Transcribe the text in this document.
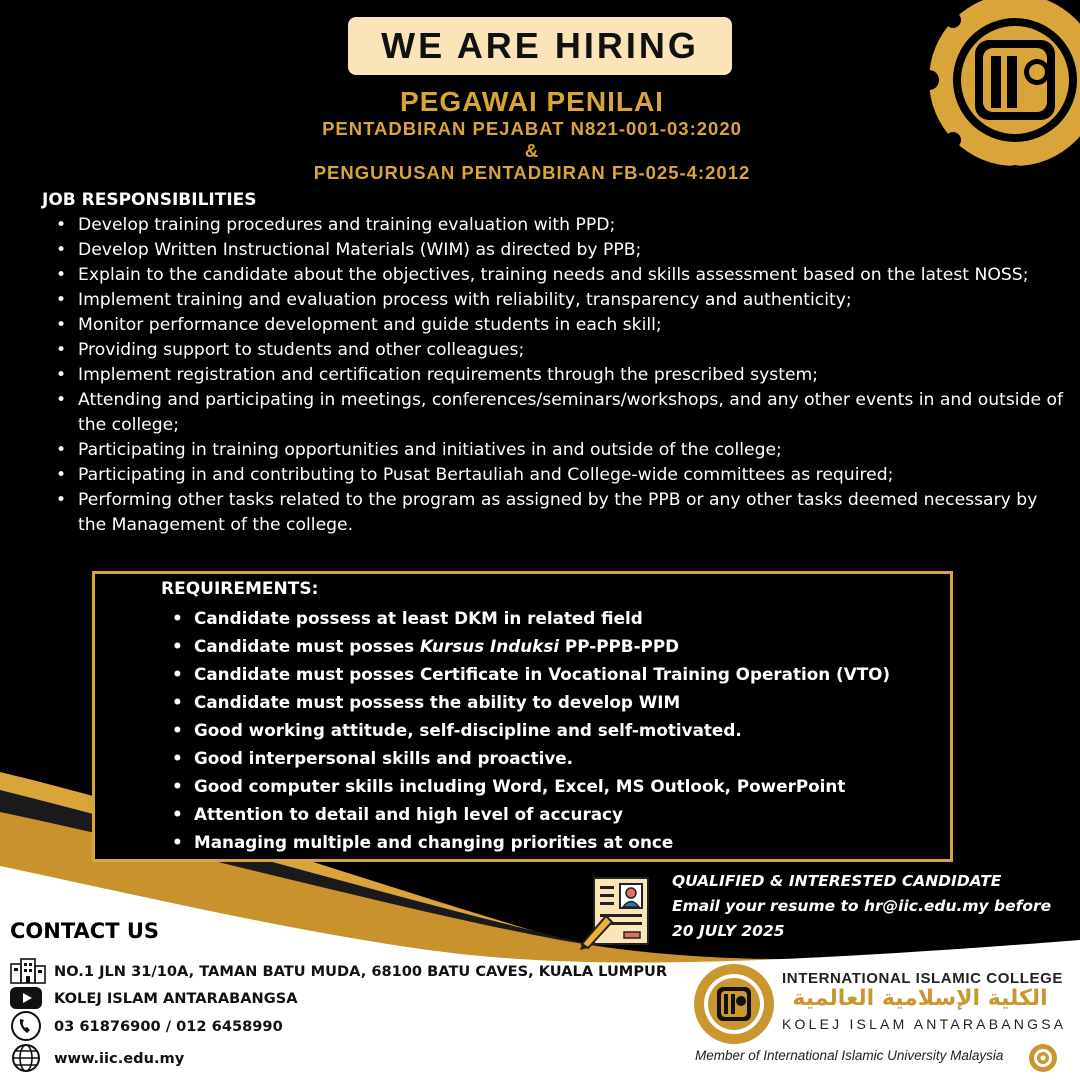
WE ARE HIRING
PEGAWAI PENILAI
PENTADBIRAN PEJABAT N821-001-03:2020
&
PENGURUSAN PENTADBIRAN FB-025-4:2012
JOB RESPONSIBILITIES
• Develop training procedures and training evaluation with PPD;
• Develop Written Instructional Materials (WIM) as directed by PPB;
• Explain to the candidate about the objectives, training needs and skills assessment based on the latest NOSS;
• Implement training and evaluation process with reliability, transparency and authenticity;
• Monitor performance development and guide students in each skill;
• Providing support to students and other colleagues;
• Implement registration and certification requirements through the prescribed system;
• Attending and participating in meetings, conferences/seminars/workshops, and any other events in and outside of the college;
• Participating in training opportunities and initiatives in and outside of the college;
• Participating in and contributing to Pusat Bertauliah and College-wide committees as required;
• Performing other tasks related to the program as assigned by the PPB or any other tasks deemed necessary by the Management of the college.
REQUIREMENTS:
• Candidate possess at least DKM in related field
• Candidate must posses Kursus Induksi PP-PPB-PPD
• Candidate must posses Certificate in Vocational Training Operation (VTO)
• Candidate must possess the ability to develop WIM
• Good working attitude, self-discipline and self-motivated.
• Good interpersonal skills and proactive.
• Good computer skills including Word, Excel, MS Outlook, PowerPoint
• Attention to detail and high level of accuracy
• Managing multiple and changing priorities at once
QUALIFIED & INTERESTED CANDIDATE
Email your resume to hr@iic.edu.my before
20 JULY 2025
CONTACT US
NO.1 JLN 31/10A, TAMAN BATU MUDA, 68100 BATU CAVES, KUALA LUMPUR
KOLEJ ISLAM ANTARABANGSA
03 61876900 / 012 6458990
www.iic.edu.my
INTERNATIONAL ISLAMIC COLLEGE
الكلية الإسلامية العالمية
KOLEJ ISLAM ANTARABANGSA
Member of International Islamic University Malaysia
